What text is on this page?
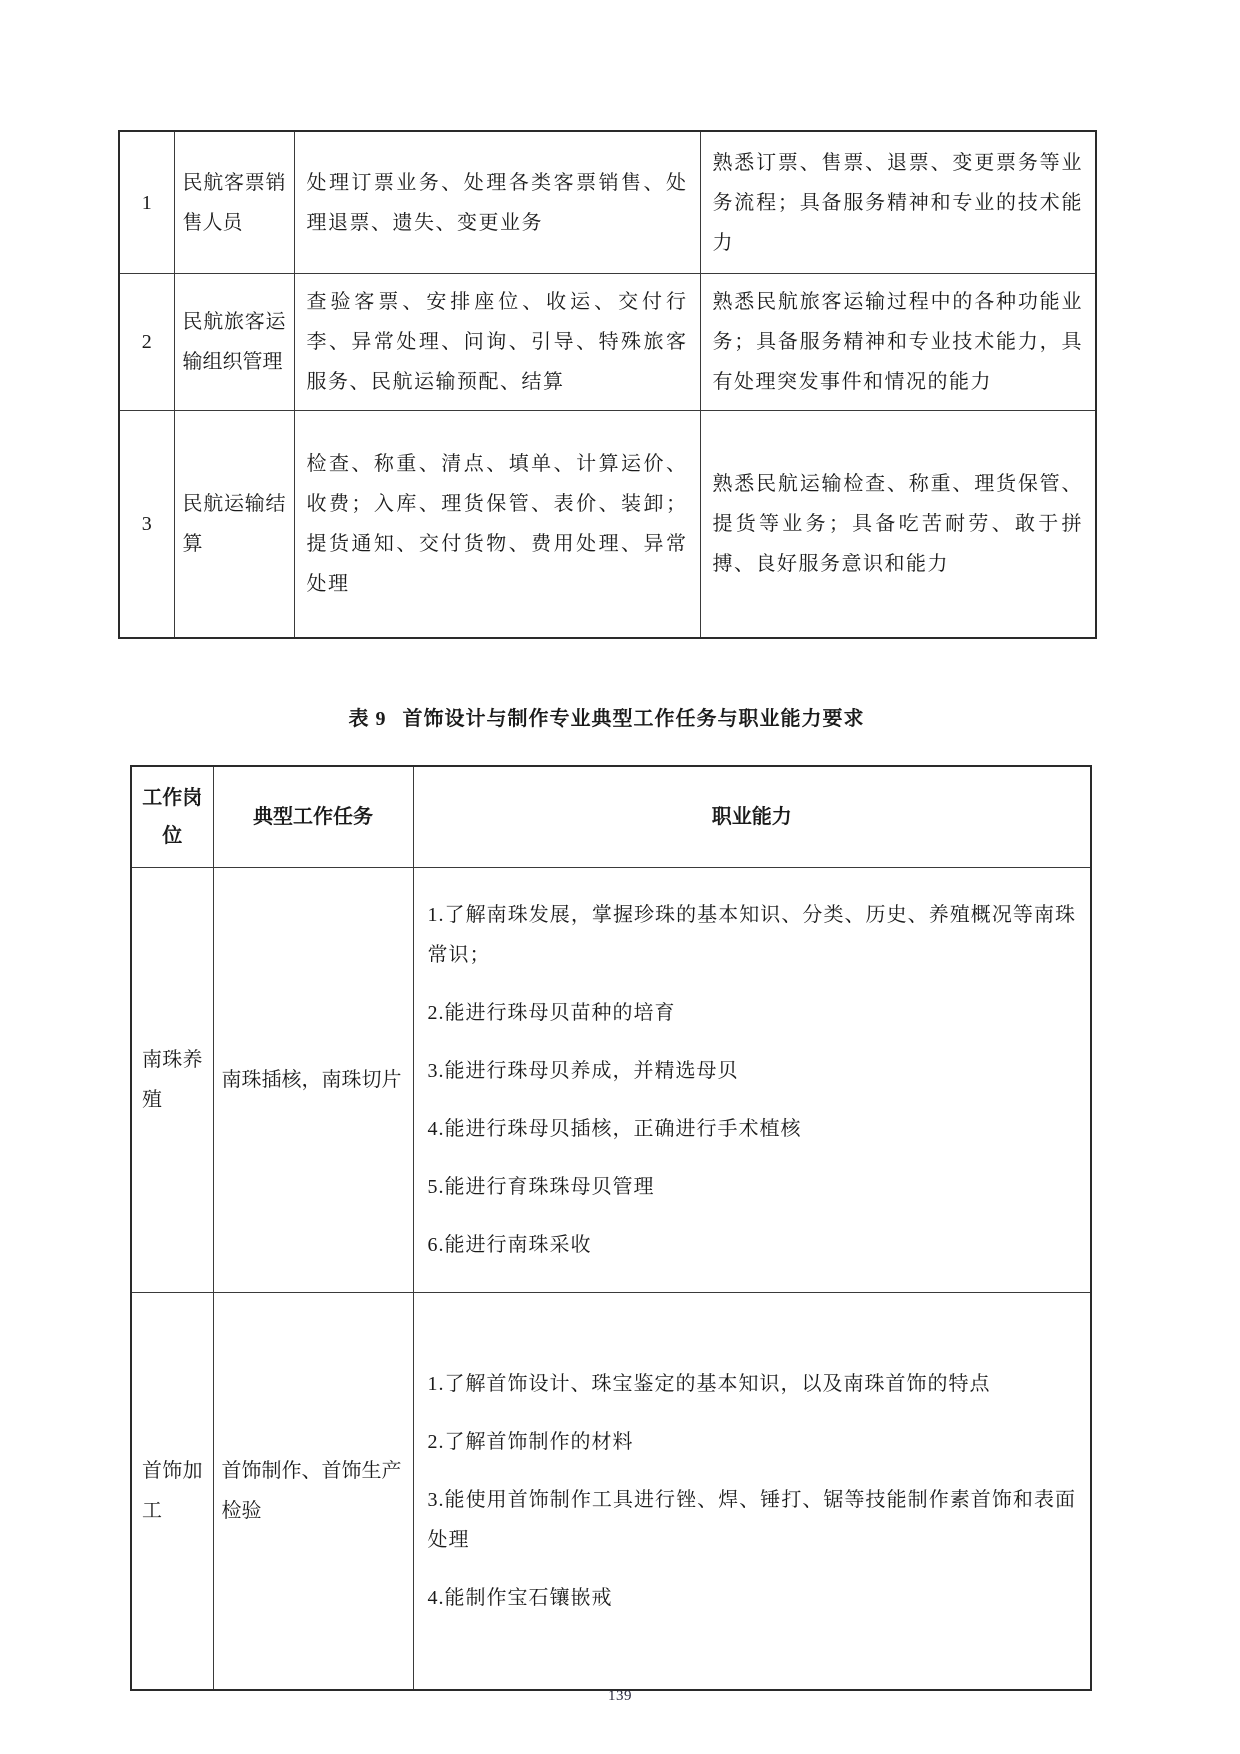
1	民航客票销售人员	处理订票业务、处理各类客票销售、处理退票、遗失、变更业务	熟悉订票、售票、退票、变更票务等业务流程；具备服务精神和专业的技术能力
2	民航旅客运输组织管理	查验客票、安排座位、收运、交付行李、异常处理、问询、引导、特殊旅客服务、民航运输预配、结算	熟悉民航旅客运输过程中的各种功能业务；具备服务精神和专业技术能力，具有处理突发事件和情况的能力
3	民航运输结算	检查、称重、清点、填单、计算运价、收费；入库、理货保管、表价、装卸；提货通知、交付货物、费用处理、异常处理	熟悉民航运输检查、称重、理货保管、提货等业务；具备吃苦耐劳、敢于拼搏、良好服务意识和能力
表 9 首饰设计与制作专业典型工作任务与职业能力要求
工作岗位	典型工作任务	职业能力
南珠养殖	南珠插核，南珠切片	

1.了解南珠发展，掌握珍珠的基本知识、分类、历史、养殖概况等南珠常识；

2.能进行珠母贝苗种的培育

3.能进行珠母贝养成，并精选母贝

4.能进行珠母贝插核，正确进行手术植核

5.能进行育珠珠母贝管理

6.能进行南珠采收

首饰加工	首饰制作、首饰生产检验	1.了解首饰设计、珠宝鉴定的基本知识，以及南珠首饰的特点

2.了解首饰制作的材料

3.能使用首饰制作工具进行锉、焊、锤打、锯等技能制作素首饰和表面处理

4.能制作宝石镶嵌戒

139
